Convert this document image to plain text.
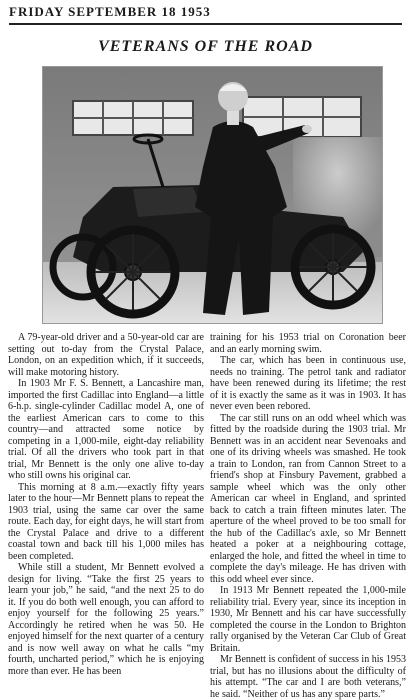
FRIDAY SEPTEMBER 18 1953
VETERANS OF THE ROAD

A 79-year-old driver and a 50-year-old car are setting out to-day from the Crystal Palace, London, on an expedition which, if it succeeds, will make motoring history.

In 1903 Mr F. S. Bennett, a Lancashire man, imported the first Cadillac into England—a little 6-h.p. single-cylinder Cadillac model A, one of the earliest American cars to come to this country—and attracted some notice by competing in a 1,000-mile, eight-day reliability trial. Of all the drivers who took part in that trial, Mr Bennett is the only one alive to-day who still owns his original car.

This morning at 8 a.m.—exactly fifty years later to the hour—Mr Bennett plans to repeat the 1903 trial, using the same car over the same route. Each day, for eight days, he will start from the Crystal Palace and drive to a different coastal town and back till his 1,000 miles has been completed.

While still a student, Mr Bennett evolved a design for living. “Take the first 25 years to learn your job,” he said, “and the next 25 to do it. If you do both well enough, you can afford to enjoy yourself for the following 25 years.” Accordingly he retired when he was 50. He enjoyed himself for the next quarter of a century and is now well away on what he calls “my fourth, uncharted period,” which he is enjoying more than ever. He has been

training for his 1953 trial on Coronation beer and an early morning swim.

The car, which has been in continuous use, needs no training. The petrol tank and radiator have been renewed during its lifetime; the rest of it is exactly the same as it was in 1903. It has never even been rebored.

The car still runs on an odd wheel which was fitted by the roadside during the 1903 trial. Mr Bennett was in an accident near Sevenoaks and one of its driving wheels was smashed. He took a train to London, ran from Cannon Street to a friend's shop at Finsbury Pavement, grabbed a sample wheel which was the only other American car wheel in England, and sprinted back to catch a train fifteen minutes later. The aperture of the wheel proved to be too small for the hub of the Cadillac's axle, so Mr Bennett heated a poker at a neighbouring cottage, enlarged the hole, and fitted the wheel in time to complete the day's mileage. He has driven with this odd wheel ever since.

In 1913 Mr Bennett repeated the 1,000-mile reliability trial. Every year, since its inception in 1930, Mr Bennett and his car have successfully completed the course in the London to Brighton rally organised by the Veteran Car Club of Great Britain.

Mr Bennett is confident of success in his 1953 trial, but has no illusions about the difficulty of his attempt. “The car and I are both veterans,” he said. “Neither of us has any spare parts.”
